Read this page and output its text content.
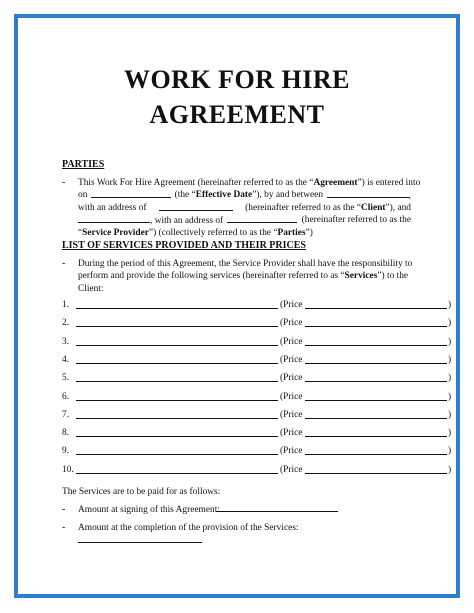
WORK FOR HIRE
AGREEMENT
PARTIES
- This Work For Hire Agreement (hereinafter referred to as the “Agreement”) is entered into
on	(the “Effective Date”), by and between	,
with an address of	(hereinafter referred to as the “Client”), and
, with an address of	(hereinafter referred to as the
“Service Provider”) (collectively referred to as the “Parties”)
LIST OF SERVICES PROVIDED AND THEIR PRICES
- During the period of this Agreement, the Service Provider shall have the responsibility to
perform and provide the following services (hereinafter referred to as “Services”) to the
Client:
1.	(Price	)
2.	(Price	)
3.	(Price	)
4.	(Price	)
5.	(Price	)
6.	(Price	)
7.	(Price	)
8.	(Price	)
9.	(Price	)
10.	(Price	)
The Services are to be paid for as follows:
- Amount at signing of this Agreement:
- Amount at the completion of the provision of the Services:
